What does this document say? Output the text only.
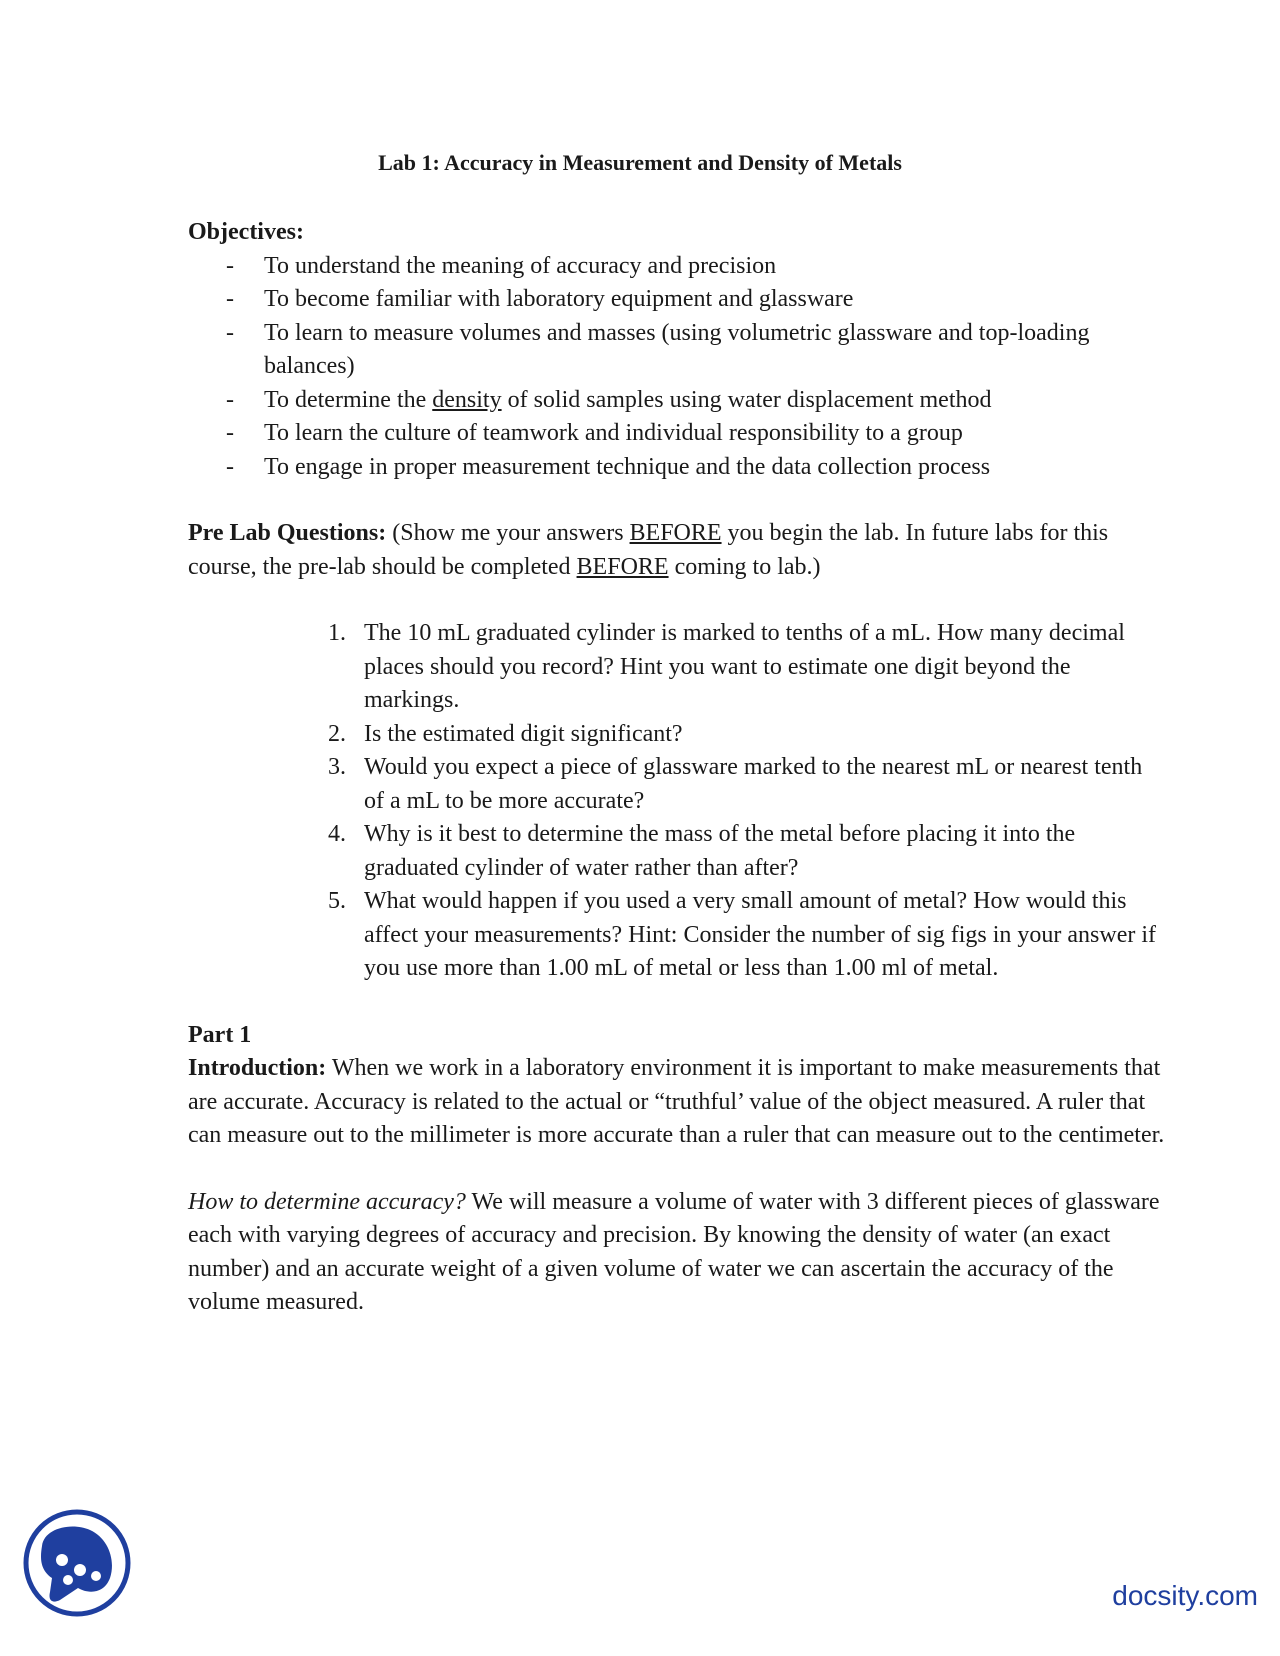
Lab 1: Accuracy in Measurement and Density of Metals
Objectives:
- To understand the meaning of accuracy and precision
- To become familiar with laboratory equipment and glassware
- To learn to measure volumes and masses (using volumetric glassware and top-loading balances)
- To determine the density of solid samples using water displacement method
- To learn the culture of teamwork and individual responsibility to a group
- To engage in proper measurement technique and the data collection process

Pre Lab Questions: (Show me your answers BEFORE you begin the lab. In future labs for this course, the pre-lab should be completed BEFORE coming to lab.)

1. The 10 mL graduated cylinder is marked to tenths of a mL. How many decimal places should you record? Hint you want to estimate one digit beyond the markings.
2. Is the estimated digit significant?
3. Would you expect a piece of glassware marked to the nearest mL or nearest tenth of a mL to be more accurate?
4. Why is it best to determine the mass of the metal before placing it into the graduated cylinder of water rather than after?
5. What would happen if you used a very small amount of metal? How would this affect your measurements? Hint: Consider the number of sig figs in your answer if you use more than 1.00 mL of metal or less than 1.00 ml of metal.
Part 1

Introduction: When we work in a laboratory environment it is important to make measurements that are accurate. Accuracy is related to the actual or “truthful’ value of the object measured. A ruler that can measure out to the millimeter is more accurate than a ruler that can measure out to the centimeter.

How to determine accuracy? We will measure a volume of water with 3 different pieces of glassware each with varying degrees of accuracy and precision. By knowing the density of water (an exact number) and an accurate weight of a given volume of water we can ascertain the accuracy of the volume measured.

docsity.com
